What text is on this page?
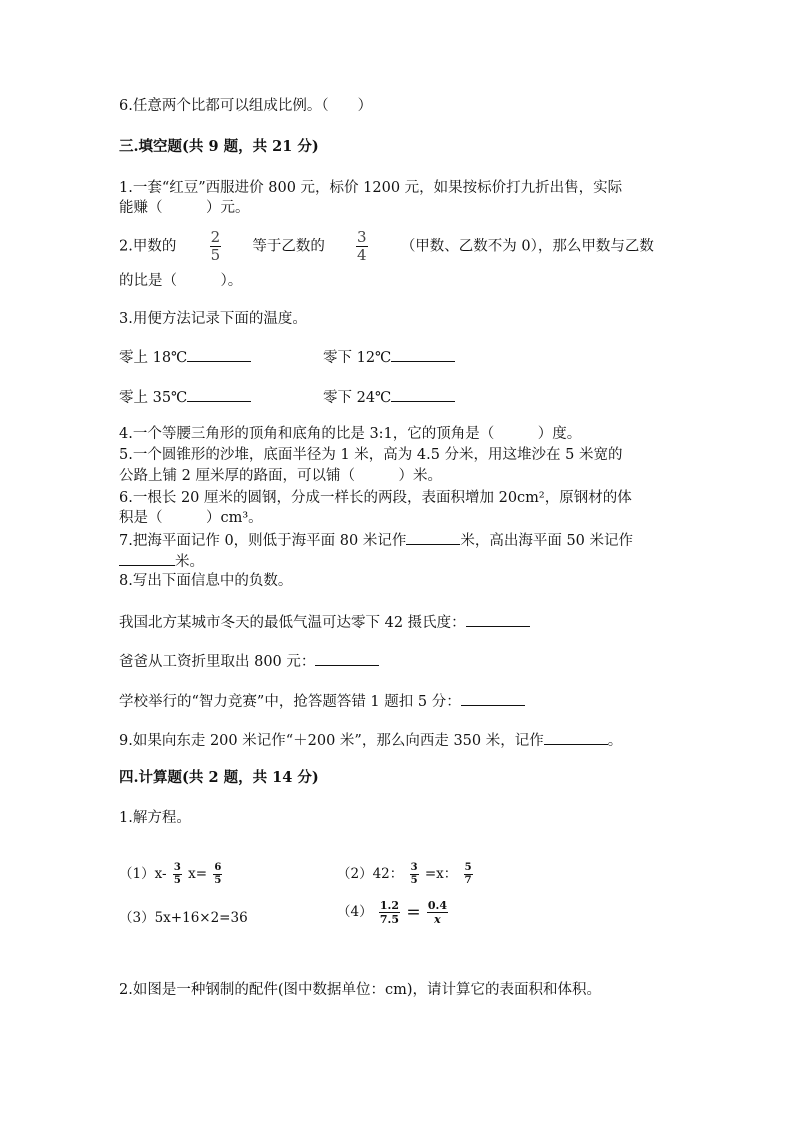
6.任意两个比都可以组成比例。（　　）
三.填空题(共 9 题，共 21 分)
1.一套“红豆”西服进价 800 元，标价 1200 元，如果按标价打九折出售，实际
能赚（　　　）元。
2.甲数的 $\frac{2}{5}$ 等于乙数的 $\frac{3}{4}$ （甲数、乙数不为 0），那么甲数与乙数
的比是（　　　）。
3.用便方法记录下面的温度。
零上 18℃	零下 12℃
零上 35℃	零下 24℃
4.一个等腰三角形的顶角和底角的比是 3:1，它的顶角是（　　　）度。
5.一个圆锥形的沙堆，底面半径为 1 米，高为 4.5 分米，用这堆沙在 5 米宽的
公路上铺 2 厘米厚的路面，可以铺（　　　）米。
6.一根长 20 厘米的圆钢，分成一样长的两段，表面积增加 20cm²，原钢材的体
积是（　　　）cm³。
7.把海平面记作 0，则低于海平面 80 米记作	米，高出海平面 50 米记作
米。
8.写出下面信息中的负数。
我国北方某城市冬天的最低气温可达零下 42 摄氏度：
爸爸从工资折里取出 800 元：
学校举行的“智力竞赛”中，抢答题答错 1 题扣 5 分：
9.如果向东走 200 米记作“＋200 米”，那么向西走 350 米，记作	。
四.计算题(共 2 题，共 14 分)
1.解方程。
$(1)x- \frac{3}{5} x= \frac{6}{5}$	（2）42： $\frac{3}{5} =x$： $\frac{5}{7}$
（3）5x+16×2=36	$(4) \frac{1.2}{7.5} = \frac{0.4}{x}$
2.如图是一种钢制的配件(图中数据单位：cm)，请计算它的表面积和体积。
